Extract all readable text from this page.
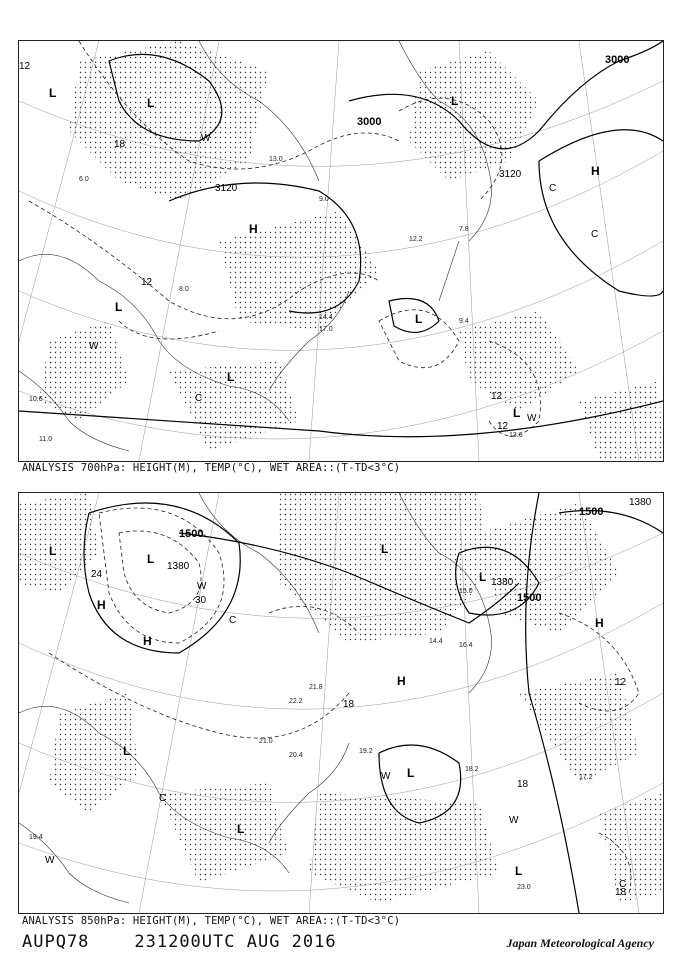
3000
3000
3120
3120
12
18
12
12
12
L
L
L
L
L
L
L
H
H
C
C
C
W
W
W
13.0
9.0
12.2
10.6
11.0
14.4
9.4
7.8
13.6
6.0
8.0
17.0
ANALYSIS 700hPa: HEIGHT(M), TEMP(°C), WET AREA::(T-TD<3°C)
1500
1500
1500
1380
1380
1380
24
30
12
18
18
18
L
L
L
L
L
L
L
L
H
H
H
H
C
C
C
W
W
W
W
21.0
19.2
17.2
18.2
23.0
20.4
22.2
19.4
16.4
14.4
15.0
21.8
ANALYSIS 850hPa: HEIGHT(M), TEMP(°C), WET AREA::(T-TD<3°C)
AUPQ78	231200UTC AUG 2016	Japan Meteorological Agency
